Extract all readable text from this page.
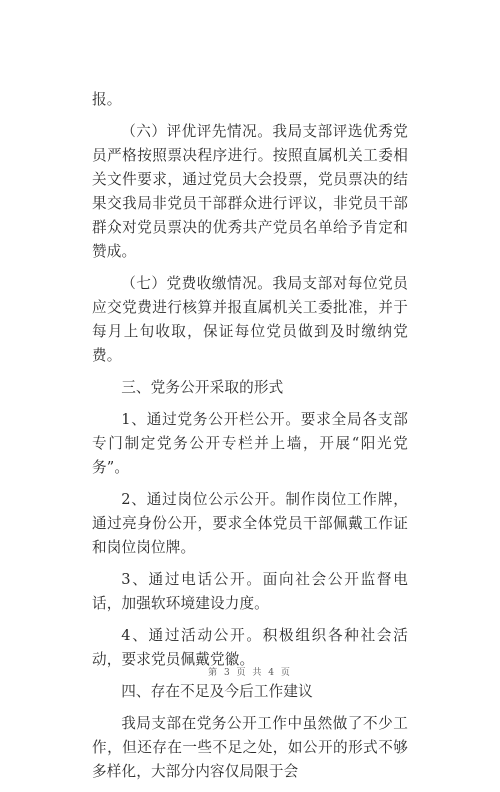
报。

（六）评优评先情况。我局支部评选优秀党员严格按照票决程序进行。按照直属机关工委相关文件要求，通过党员大会投票，党员票决的结果交我局非党员干部群众进行评议，非党员干部群众对党员票决的优秀共产党员名单给予肯定和赞成。

（七）党费收缴情况。我局支部对每位党员应交党费进行核算并报直属机关工委批准，并于每月上旬收取，保证每位党员做到及时缴纳党费。

三、党务公开采取的形式

1、通过党务公开栏公开。要求全局各支部专门制定党务公开专栏并上墙，开展“阳光党务”。

2、通过岗位公示公开。制作岗位工作牌，通过亮身份公开，要求全体党员干部佩戴工作证和岗位岗位牌。

3、通过电话公开。面向社会公开监督电话，加强软环境建设力度。

4、通过活动公开。积极组织各种社会活动，要求党员佩戴党徽。

四、存在不足及今后工作建议

我局支部在党务公开工作中虽然做了不少工作，但还存在一些不足之处，如公开的形式不够多样化，大部分内容仅局限于会

第 3 页 共 4 页
